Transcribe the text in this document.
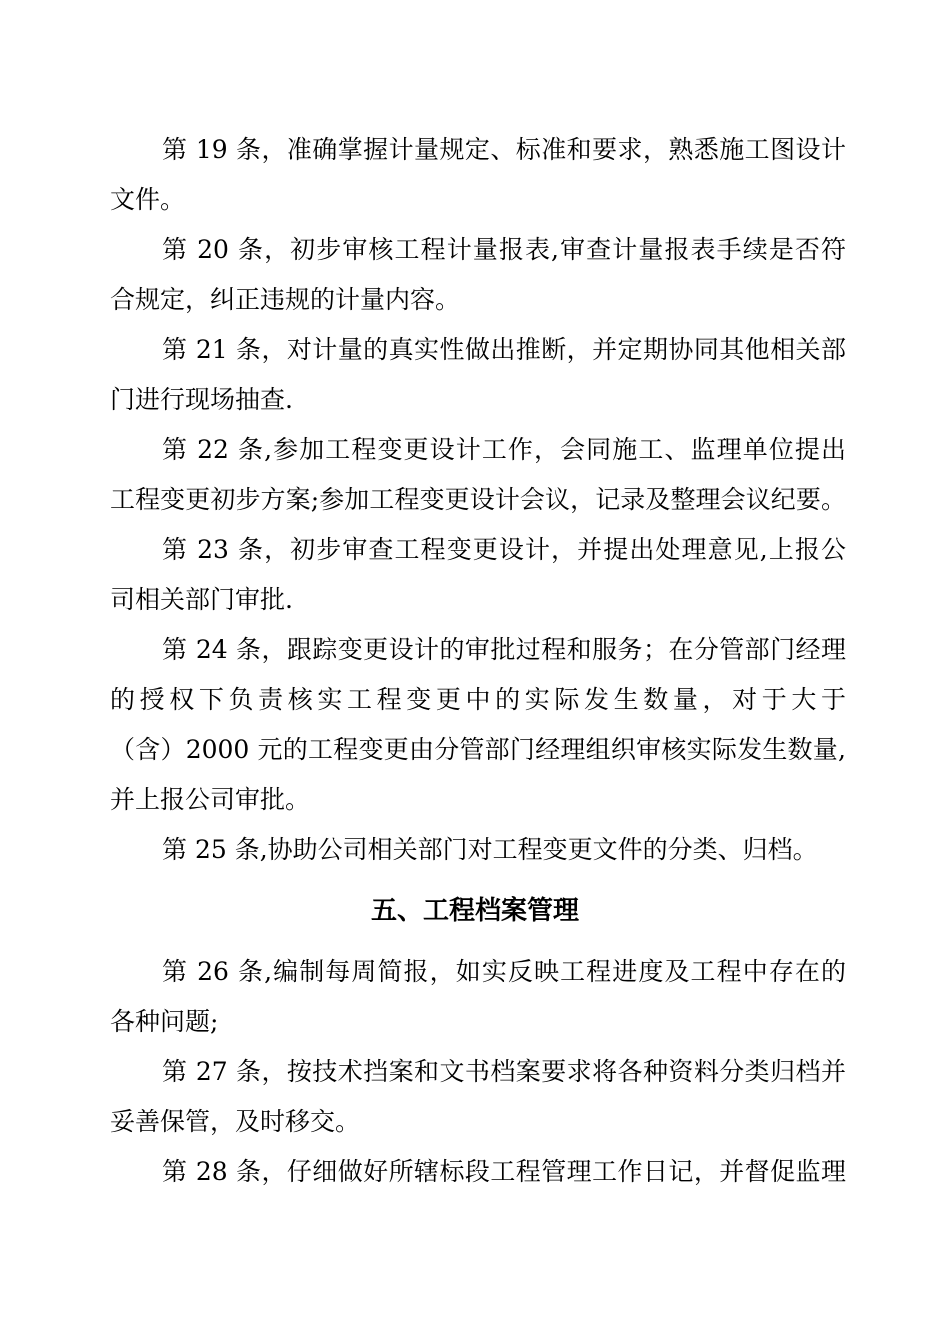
第 19 条，准确掌握计量规定、标准和要求，熟悉施工图设计
文件。
第 20 条，初步审核工程计量报表,审查计量报表手续是否符
合规定，纠正违规的计量内容。
第 21 条，对计量的真实性做出推断，并定期协同其他相关部
门进行现场抽查.
第 22 条,参加工程变更设计工作，会同施工、监理单位提出
工程变更初步方案;参加工程变更设计会议，记录及整理会议纪要。
第 23 条，初步审查工程变更设计，并提出处理意见,上报公
司相关部门审批.
第 24 条，跟踪变更设计的审批过程和服务；在分管部门经理
的授权下负责核实工程变更中的实际发生数量，对于大于
（含）2000 元的工程变更由分管部门经理组织审核实际发生数量,
并上报公司审批。
第 25 条,协助公司相关部门对工程变更文件的分类、归档。
五、工程档案管理
第 26 条,编制每周简报，如实反映工程进度及工程中存在的
各种问题;
第 27 条，按技术挡案和文书档案要求将各种资料分类归档并
妥善保管，及时移交。
第 28 条，仔细做好所辖标段工程管理工作日记，并督促监理
